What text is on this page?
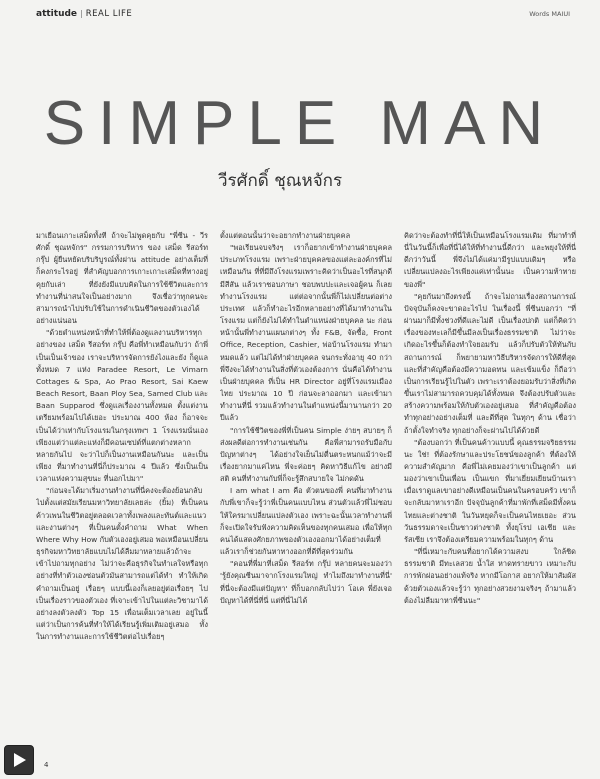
attitude | REAL LIFE	Words MAIUI
SIMPLE MAN
วีรศักดิ์ ชุณหจักร

มาเยือนเกาะเสม็ดทั้งที ถ้าจะไม่พูดคุยกับ "พี่ซีน - วีรศักดิ์ ชุณหจักร" กรรมการบริหาร ของ เสม็ด รีสอร์ท กรุ๊ป ผู้ยืนหยัดบริบริบูรณ์ทั้งผ่าน attitude อย่างเต็มที่ ก็คงกระไรอยู่ ที่สำคัญบอกการเกาะเกาะเสม็ดที่ทางอยู่คุยกับเล่า ที่ยังยังมีแบบคิดในการใช้ชีวิตและการทำงานที่น่าสนใจเป็นอย่างมาก จึงเชื่อว่าทุกคนจะสามารถนำไปปรับใช้ในการดำเนินชีวิตของตัวเองได้อย่างแน่นอน

"ด้วยตำแหน่งหน้าที่ทำให้พี่ต้องดูแลงานบริหารทุกอย่างของ เสม็ด รีสอร์ท กรุ๊ป คือพี่ทำเหมือนกับว่า ถ้าพี่เป็นเป็นเจ้าของ เราจะบริหารจัดการยังไงและยัง ก็ดูแลทั้งหมด 7 แห่ง Paradee Resort, Le Vimarn Cottages & Spa, Ao Prao Resort, Sai Kaew Beach Resort, Baan Ploy Sea, Samed Club และ Baan Supparod ซึ่งดูแลเรื่องงานทั้งหมด ตั้งแต่งานเตรียมพร้อมไปได้เยอะ ประมาณ 400 ห้อง ก็อาจจะเป็นได้ว่าเท่ากับโรงแรมในกรุงเทพฯ 1 โรงแรมนั่นเอง เพียงแต่ว่าแต่ละแห่งก็มีคอนเซปต์ที่แตกต่างหลากหลายกันไป จะว่าไปก็เป็นงานเหมือนกันนะ และเป็นเพียง ที่มาทำงานที่นี่ก็ประมาณ 4 ปีแล้ว ซึ่งเป็นเป็นเวลาแห่งความสุขนะ ที่นอกไปมา"

"ก่อนจะได้มาเริ่มงานทำงานที่นี่คงจะต้องย้อนกลับไปตั้งแต่สมัยเรียนมหาวิทยาลัยเลยล่ะ (ยิ้ม) ที่เป็นคนค้าวเพนในชีวิตอยู่ตลอดเวลาทั้งเพลงและทันต์และแนวและงานต่างๆ ที่เป็นคนตั้งคำถาม What When Where Why How กับตัวเองอยู่เสมอ พอเหมือนเปลี่ยนธุรกิจมหาวิทยาลัยแบบไม่ได้ลืมมาหลายแล้วถ้าจะเข้าไปถามทุกอย่าง ไม่ว่าจะคือธุรกิจในทำเลใจหรือทุกอย่างที่ทำตัวเองซ่อนตัวมันสามารถแต่ได้ทำ ทำให้เกิดคำถามเป็นอยู่ เรื่อยๆ แบบนี้เองก็เลยอยู่ต่อเรื่อยๆ ไปเป็นเรื่องราวของตัวเอง ที่เจาะเข้าไปในแต่ละวิชามาได้อย่างลงตัวลงตัว Top 15 เพื่อนเต็มเวลาเลย อยู่ในนี้ แต่ว่าเป็นการค้นที่ทำให้ได้เรียนรู้เพิ่มเติมอยู่เสมอ ทั้งในการทำงานและการใช้ชีวิตต่อไปเรื่อยๆ

ตั้งแต่ตอนนั้นว่าจะอยากทำงานฝ่ายบุคคล

"พอเรียนจบจริงๆ เราก็อยากเข้าทำงานฝ่ายบุคคลประเภทโรงแรม เพราะฝ่ายบุคคลของแต่ละองค์กรที่ไม่เหมือนกัน ที่ที่มีถึงโรงแรมเพราะคิดว่าเป็นอะไรที่สนุกดี มีสีสัน แล้วเราชอบภาษา ชอบพบปะและเจอผู้คน ก็เลยทำงานโรงแรม แต่ต่อจากนั้นพี่ก็ไม่เปลี่ยนต่อต่างประเทศ แล้วก็ทำอะไรอีกหลายอย่างที่ได้มาทำงานในโรงแรม แต่ก็ยังไม่ได้ทำในตำแหน่งฝ่ายบุคคล นะ ก่อนหน้านั้นพี่ทำงานแผนกต่างๆ ทั้ง F&B, จัดซื้อ, Front Office, Reception, Cashier, พ่อบ้านโรงแรม ทำมาหมดแล้ว แต่ไม่ได้ทำฝ่ายบุคคล จนกระทั่งอายุ 40 กว่า พี่จึงจะได้ทำงานในสิ่งที่ตัวเองต้องการ นั่นคือได้ทำงานเป็นฝ่ายบุคคล ที่เป็น HR Director อยู่ที่โรงแรมเมืองไทย ประมาณ 10 ปี ก่อนจะลาออกมา และเข้ามาทำงานที่นี่ รวมแล้วทำงานในตำแหน่งนี้มานานกว่า 20 ปีแล้ว

"การใช้ชีวิตของพี่ที่เป็นคน Simple ง่ายๆ สบายๆ ก็ส่งผลดีต่อการทำงานเช่นกัน คือพี่สามารถรับมือกับปัญหาต่างๆ ได้อย่างใจเย็นไม่ตื่นตระหนกแม้ว่าจะมีเรื่องยากมาแค่ไหน พี่จะค่อยๆ คิดหาวิธีแก้ไข อย่างมีสติ คนที่ทำงานกับพี่ก็จะรู้สึกสบายใจ ไม่กดดัน

I am what I am คือ ตัวตนของพี่ คนที่มาทำงานกับพี่เขาก็จะรู้ว่าพี่เป็นคนแบบไหน ส่วนตัวแล้วพี่ไม่ชอบให้ใครมาเปลี่ยนแปลงตัวเอง เพราะฉะนั้นเวลาทำงานพี่ก็จะเปิดใจรับฟังความคิดเห็นของทุกคนเสมอ เพื่อให้ทุกคนได้แสดงศักยภาพของตัวเองออกมาได้อย่างเต็มที่ แล้วเราก็ช่วยกันหาทางออกที่ดีที่สุดร่วมกัน

"คอนที่พี่มาที่เสม็ด รีสอร์ท กรุ๊ป หลายคนจะมองว่า 'รู้ยังคุณซีนมาจากโรงแรมใหญ่ ทำไมถึงมาทำงานที่นี่' ที่นี่จะต้องมีแต่ปัญหา' ที่ก็บอกกลับไปว่า โอเค พี่ยังเจอปัญหาได้ที่นี่ที่นี่ แต่ที่นี่ไม่ได้

คิดว่าจะต้องทำที่นี่ให้เป็นเหมือนโรงแรมเดิม ที่มาทำที่นี่ในวันนี้ก็เพื่อที่นี่ได้ให้ที่ทำงานนี้ดีกว่า และพยุงให้ที่นี่ดีกว่าวันนี้ พี่จึงไม่ได้แค่มามีรูปแบบเดิมๆ หรือเปลี่ยนแปลงอะไรเพียงแค่เท่านั้นนะ เป็นความท้าทายของพี่"

"คุยกันมาถึงตรงนี้ ถ้าจะไม่ถามเรื่องสถานการณ์ปัจจุบันก็คงจะขาดอะไรไป ในเรื่องนี้ พี่ซีนบอกว่า "ที่ผ่านมาก็มีทั้งช่วงที่ดีและไม่ดี เป็นเรื่องปกติ แต่ก็คิดว่าเรื่องของทะเลก็มีขึ้นมีลงเป็นเรื่องธรรมชาติ ไม่ว่าจะเกิดอะไรขึ้นก็ต้องทำใจยอมรับ แล้วก็ปรับตัวให้ทันกับสถานการณ์ ก็พยายามหาวิธีบริหารจัดการให้ดีที่สุด และที่สำคัญคือต้องมีความอดทน และเข้มแข็ง ก็ถือว่าเป็นการเรียนรู้ไปในตัว เพราะเราต้องยอมรับว่าสิ่งที่เกิดขึ้นเราไม่สามารถควบคุมได้ทั้งหมด จึงต้องปรับตัวและสร้างความพร้อมให้กับตัวเองอยู่เสมอ ที่สำคัญคือต้องทำทุกอย่างอย่างเต็มที่ และดีที่สุด ในทุกๆ ด้าน เชื่อว่าถ้าตั้งใจทำจริง ทุกอย่างก็จะผ่านไปได้ด้วยดี

"ต้องบอกว่า ที่เป็นคนค้าวแบบนี้ คุณธรรมจริยธรรมนะ ใช่! ที่ต้องรักษาและประโยชน์ของลูกค้า ที่ต้องให้ความสำคัญมาก คือพี่ไม่เคยมองว่าเขาเป็นลูกค้า แต่มองว่าเขาเป็นเพื่อน เป็นแขก ที่มาเยี่ยมเยียนบ้านเรา เมื่อเราดูแลเขาอย่างดีเหมือนเป็นคนในครอบครัว เขาก็จะกลับมาหาเราอีก ปัจจุบันลูกค้าที่มาพักที่เสม็ดมีทั้งคนไทยและต่างชาติ ในวันหยุดก็จะเป็นคนไทยเยอะ ส่วนวันธรรมดาจะเป็นชาวต่างชาติ ทั้งยุโรป เอเชีย และรัสเซีย เราจึงต้องเตรียมความพร้อมในทุกๆ ด้าน

"ที่นี่เหมาะกับคนที่อยากได้ความสงบ ใกล้ชิดธรรมชาติ มีทะเลสวย น้ำใส หาดทรายขาว เหมาะกับการพักผ่อนอย่างแท้จริง หากมีโอกาส อยากให้มาสัมผัสด้วยตัวเองแล้วจะรู้ว่า ทุกอย่างสวยงามจริงๆ ถ้ามาแล้ว ต้องไม่ลืมมาหาพี่ซีนนะ"

4
